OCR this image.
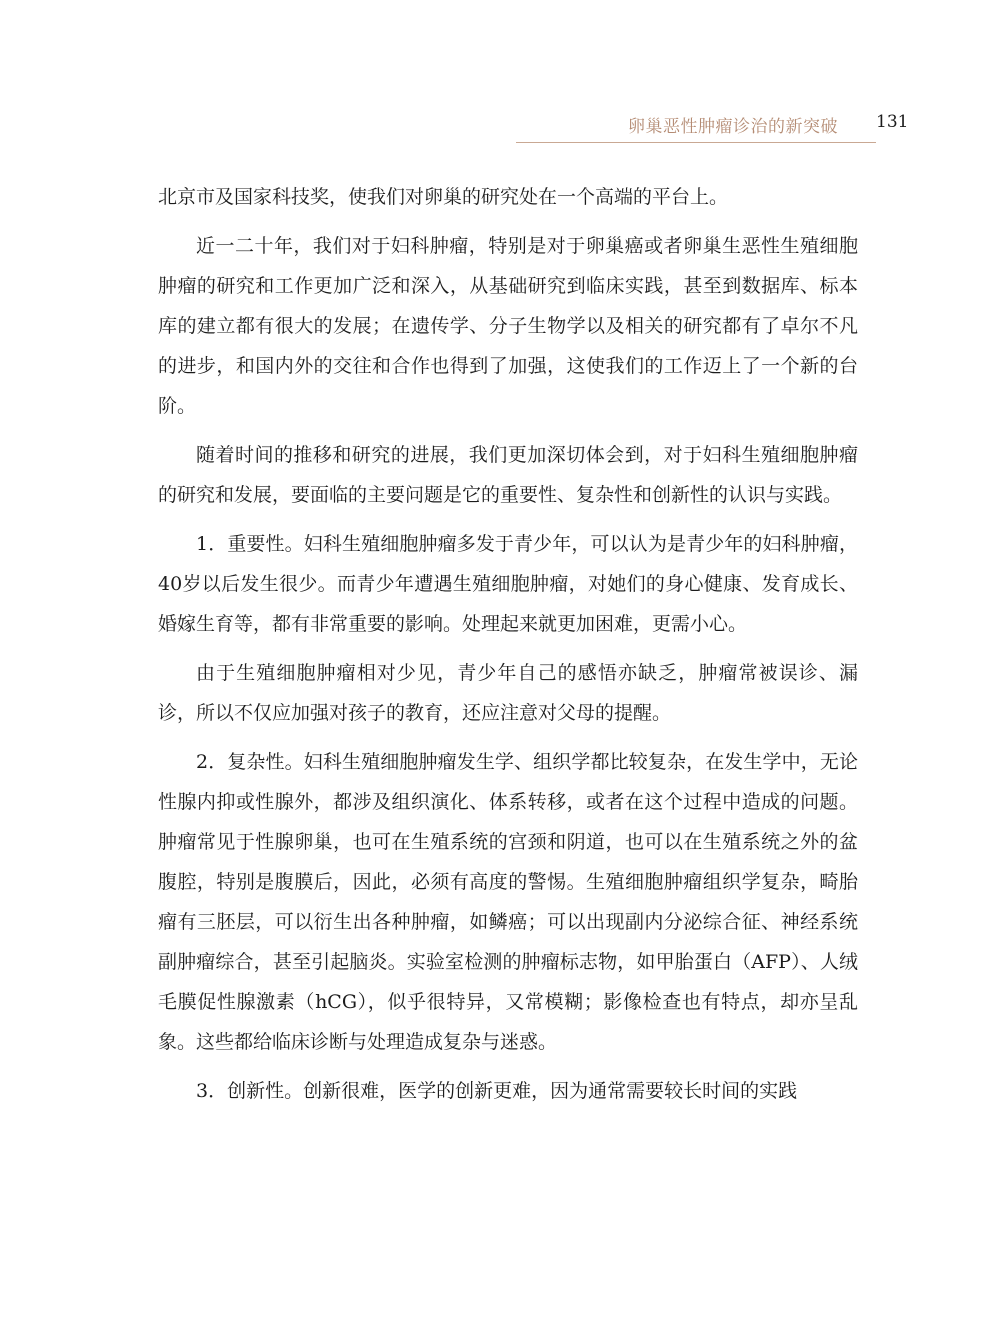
卵巢恶性肿瘤诊治的新突破 131

北京市及国家科技奖，使我们对卵巢的研究处在一个高端的平台上。

近一二十年，我们对于妇科肿瘤，特别是对于卵巢癌或者卵巢生恶性生殖细胞肿瘤的研究和工作更加广泛和深入，从基础研究到临床实践，甚至到数据库、标本库的建立都有很大的发展；在遗传学、分子生物学以及相关的研究都有了卓尔不凡的进步，和国内外的交往和合作也得到了加强，这使我们的工作迈上了一个新的台阶。

随着时间的推移和研究的进展，我们更加深切体会到，对于妇科生殖细胞肿瘤的研究和发展，要面临的主要问题是它的重要性、复杂性和创新性的认识与实践。

1．重要性。妇科生殖细胞肿瘤多发于青少年，可以认为是青少年的妇科肿瘤，40岁以后发生很少。而青少年遭遇生殖细胞肿瘤，对她们的身心健康、发育成长、婚嫁生育等，都有非常重要的影响。处理起来就更加困难，更需小心。

由于生殖细胞肿瘤相对少见，青少年自己的感悟亦缺乏，肿瘤常被误诊、漏诊，所以不仅应加强对孩子的教育，还应注意对父母的提醒。

2．复杂性。妇科生殖细胞肿瘤发生学、组织学都比较复杂，在发生学中，无论性腺内抑或性腺外，都涉及组织演化、体系转移，或者在这个过程中造成的问题。肿瘤常见于性腺卵巢，也可在生殖系统的宫颈和阴道，也可以在生殖系统之外的盆腹腔，特别是腹膜后，因此，必须有高度的警惕。生殖细胞肿瘤组织学复杂，畸胎瘤有三胚层，可以衍生出各种肿瘤，如鳞癌；可以出现副内分泌综合征、神经系统副肿瘤综合，甚至引起脑炎。实验室检测的肿瘤标志物，如甲胎蛋白（AFP）、人绒毛膜促性腺激素（hCG），似乎很特异，又常模糊；影像检查也有特点，却亦呈乱象。这些都给临床诊断与处理造成复杂与迷惑。

3．创新性。创新很难，医学的创新更难，因为通常需要较长时间的实践
